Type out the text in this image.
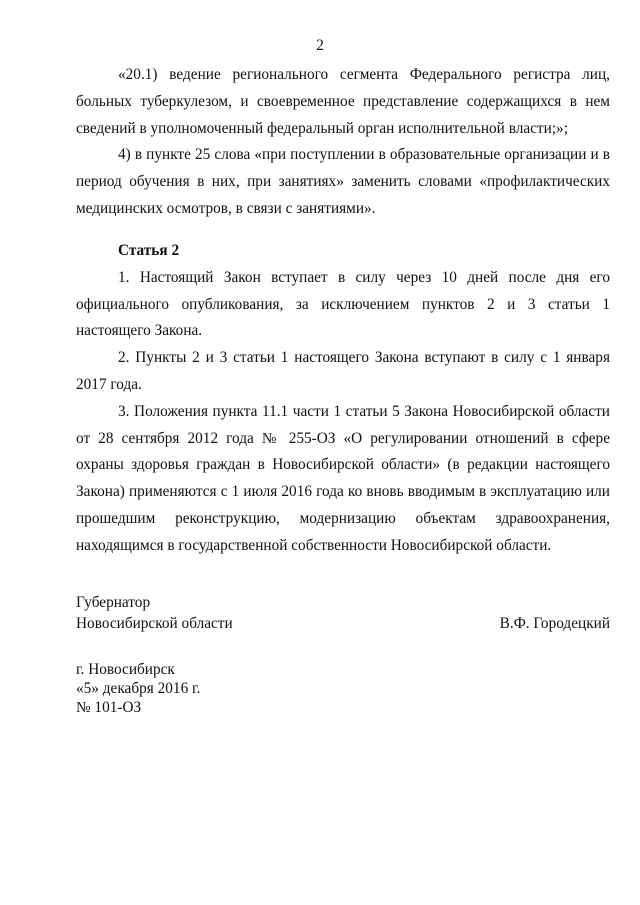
2

«20.1) ведение регионального сегмента Федерального регистра лиц, больных туберкулезом, и своевременное представление содержащихся в нем сведений в уполномоченный федеральный орган исполнительной власти;»;

4) в пункте 25 слова «при поступлении в образовательные организации и в период обучения в них, при занятиях» заменить словами «профилактических медицинских осмотров, в связи с занятиями».

Статья 2

1. Настоящий Закон вступает в силу через 10 дней после дня его официального опубликования, за исключением пунктов 2 и 3 статьи 1 настоящего Закона.

2. Пункты 2 и 3 статьи 1 настоящего Закона вступают в силу с 1 января 2017 года.

3. Положения пункта 11.1 части 1 статьи 5 Закона Новосибирской области от 28 сентября 2012 года № 255-ОЗ «О регулировании отношений в сфере охраны здоровья граждан в Новосибирской области» (в редакции настоящего Закона) применяются с 1 июля 2016 года ко вновь вводимым в эксплуатацию или прошедшим реконструкцию, модернизацию объектам здравоохранения, находящимся в государственной собственности Новосибирской области.

Губернатор
Новосибирской области	В.Ф. Городецкий
г. Новосибирск
«5» декабря 2016 г.
№ 101-ОЗ
